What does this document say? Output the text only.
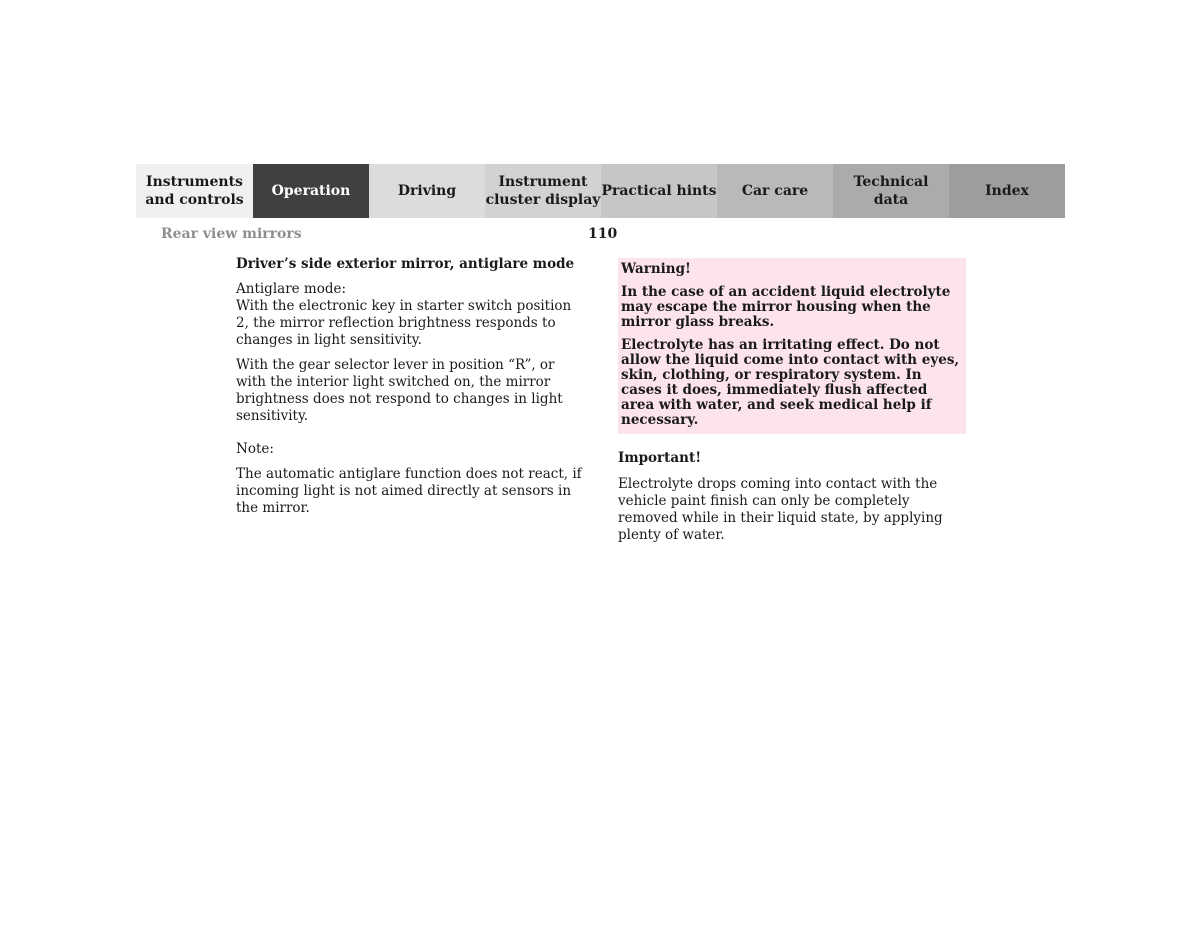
Instruments
and controls
Operation	Driving
Instrument
cluster display
Practical hints	Car care
Technical
data
Index
Rear view mirrors	110

Driver’s side exterior mirror, antiglare mode

Antiglare mode:

With the electronic key in starter switch position 2, the mirror reflection brightness responds to changes in light sensitivity.

With the gear selector lever in position “R”, or with the interior light switched on, the mirror brightness does not respond to changes in light sensitivity.

Note:

The automatic antiglare function does not react, if incoming light is not aimed directly at sensors in the mirror.

Warning!

In the case of an accident liquid electrolyte may escape the mirror housing when the mirror glass breaks.

Electrolyte has an irritating effect. Do not allow the liquid come into contact with eyes, skin, clothing, or respiratory system. In cases it does, immediately flush affected area with water, and seek medical help if necessary.

Important!

Electrolyte drops coming into contact with the vehicle paint finish can only be completely removed while in their liquid state, by applying plenty of water.
